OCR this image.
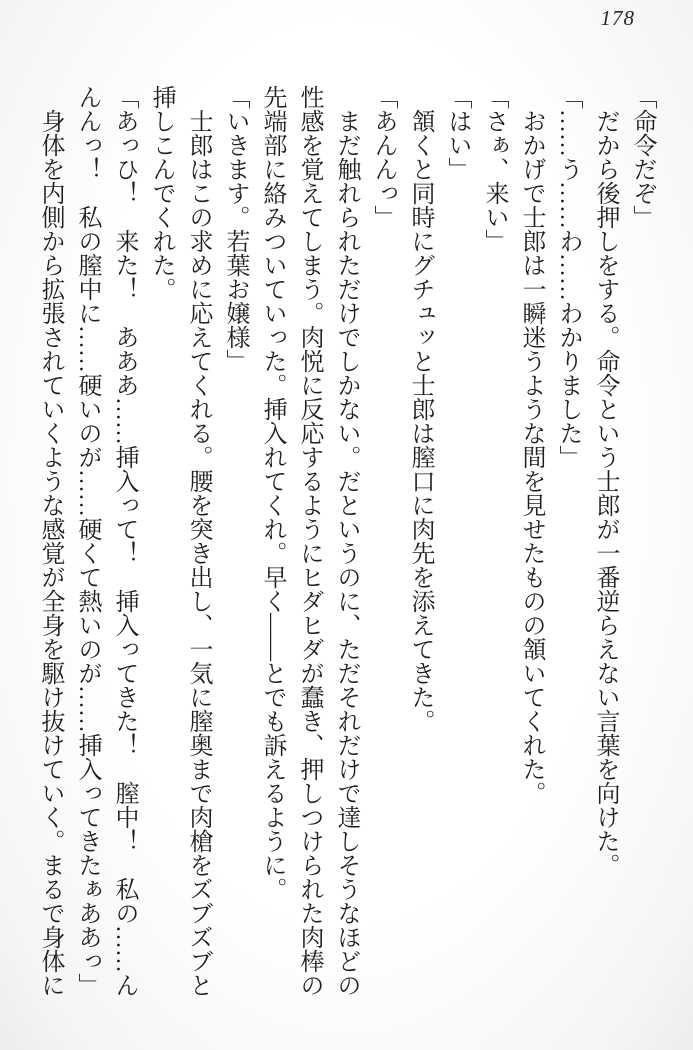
178

「命令だぞ」

だから後押しをする。命令という士郎が一番逆らえない言葉を向けた。

「……う……わ……わかりました」

おかげで士郎は一瞬迷うような間を見せたものの頷いてくれた。

「さぁ、来い」

「はい」

頷くと同時にグチュッと士郎は膣口に肉先を添えてきた。

「あんんっ」

まだ触れられただけでしかない。だというのに、ただそれだけで達しそうなほどの性感を覚えてしまう。肉悦に反応するようにヒダヒダが蠢き、押しつけられた肉棒の先端部に絡みついていった。挿入れてくれ。早く——とでも訴えるように。

「いきます。若葉お嬢様」

士郎はこの求めに応えてくれる。腰を突き出し、一気に膣奥まで肉槍をズブズブと挿しこんでくれた。

「あっひ！　来た！　あああ……挿入って！　挿入ってきた！　膣中！　私の……んんんっ！　私の膣中に……硬いのが……硬くて熱いのが……挿入ってきたぁああっ」

身体を内側から拡張されていくような感覚が全身を駆け抜けていく。まるで身体に
